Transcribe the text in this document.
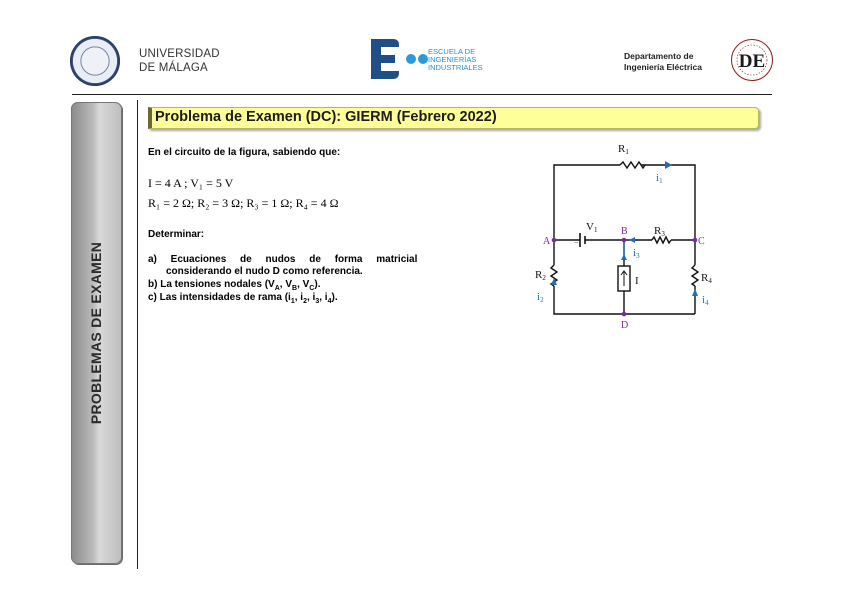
UNIVERSIDAD
DE MÁLAGA
ESCUELA DE
INGENIERÍAS
INDUSTRIALES
Departamento de
Ingeniería Eléctrica DE
PROBLEMAS DE EXAMEN
Problema de Examen (DC): GIERM (Febrero 2022)
En el circuito de la figura, sabiendo que:
I = 4 A ; V₁ = 5 V
R₁ = 2 Ω; R₂ = 3 Ω; R₃ = 1 Ω; R₄ = 4 Ω
Determinar:
a) Ecuaciones de nudos de forma matricial
considerando el nudo D como referencia.
b) La tensiones nodales ($V_A$, $V_B$, $V_C$).
c) Las intensidades de rama ($i_1$, $i_2$, $i_3$, $i_4$).
R1
V1
−
R3
R2	R4
I
A
B
C
D
i1
i3
i2	i4
